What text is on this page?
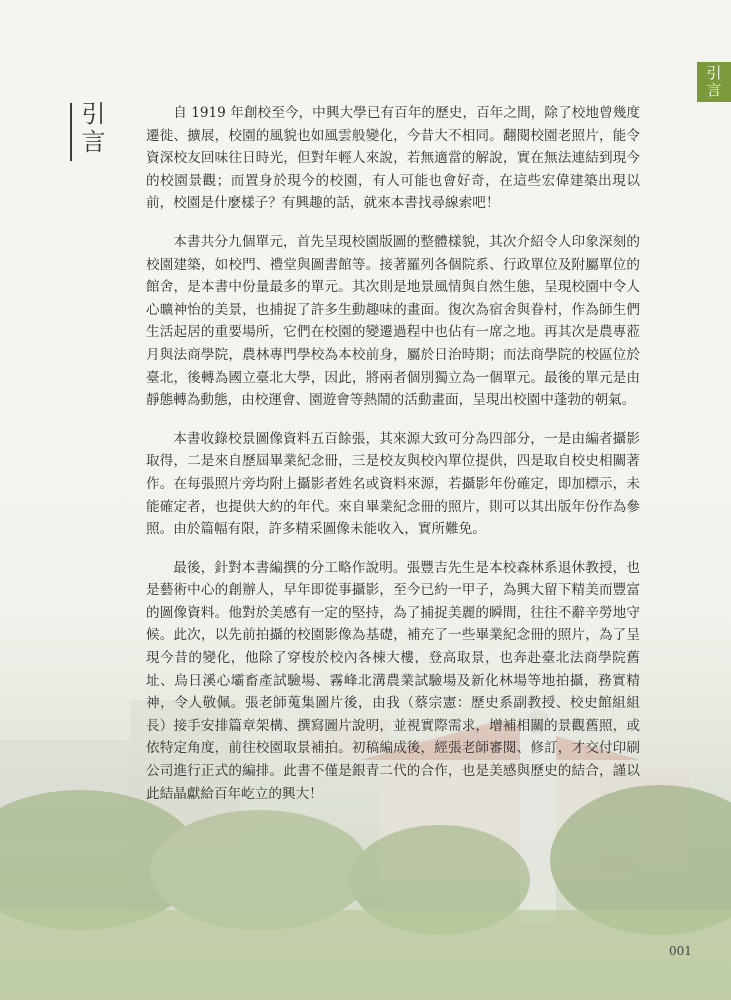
引言
引言	自 1919 年創校至今，中興大學已有百年的歷史，百年之間，除了校地曾幾度遷徙、擴展，校園的風貌也如風雲般變化，今昔大不相同。翻閱校園老照片，能令資深校友回味往日時光，但對年輕人來說，若無適當的解說，實在無法連結到現今的校園景觀；而置身於現今的校園，有人可能也會好奇，在這些宏偉建築出現以前，校園是什麼樣子？有興趣的話，就來本書找尋線索吧！

本書共分九個單元，首先呈現校園版圖的整體樣貌，其次介紹令人印象深刻的校園建築，如校門、禮堂與圖書館等。接著羅列各個院系、行政單位及附屬單位的館舍，是本書中份量最多的單元。其次則是地景風情與自然生態，呈現校園中令人心曠神怡的美景，也捕捉了許多生動趣味的畫面。復次為宿舍與眷村，作為師生們生活起居的重要場所，它們在校園的變遷過程中也佔有一席之地。再其次是農專蒞月與法商學院，農林專門學校為本校前身，屬於日治時期；而法商學院的校區位於臺北，後轉為國立臺北大學，因此，將兩者個別獨立為一個單元。最後的單元是由靜態轉為動態，由校運會、園遊會等熱鬧的活動畫面，呈現出校園中蓬勃的朝氣。

本書收錄校景圖像資料五百餘張，其來源大致可分為四部分，一是由編者攝影取得，二是來自歷屆畢業紀念冊，三是校友與校內單位提供，四是取自校史相關著作。在每張照片旁均附上攝影者姓名或資料來源，若攝影年份確定，即加標示，未能確定者，也提供大約的年代。來自畢業紀念冊的照片，則可以其出版年份作為參照。由於篇幅有限，許多精采圖像未能收入，實所難免。

最後，針對本書編撰的分工略作說明。張豐吉先生是本校森林系退休教授，也是藝術中心的創辦人，早年即從事攝影，至今已約一甲子，為興大留下精美而豐富的圖像資料。他對於美感有一定的堅持，為了捕捉美麗的瞬間，往往不辭辛勞地守候。此次，以先前拍攝的校園影像為基礎，補充了一些畢業紀念冊的照片，為了呈現今昔的變化，他除了穿梭於校內各棟大樓，登高取景，也奔赴臺北法商學院舊址、烏日溪心壩畜產試驗場、霧峰北溝農業試驗場及新化林場等地拍攝，務實精神，令人敬佩。張老師蒐集圖片後，由我（蔡宗憲：歷史系副教授、校史館組組長）接手安排篇章架構、撰寫圖片說明，並視實際需求，增補相關的景觀舊照，或依特定角度，前往校園取景補拍。初稿編成後，經張老師審閱、修訂，才交付印刷公司進行正式的編排。此書不僅是銀青二代的合作，也是美感與歷史的結合，謹以此結晶獻給百年屹立的興大！

001
